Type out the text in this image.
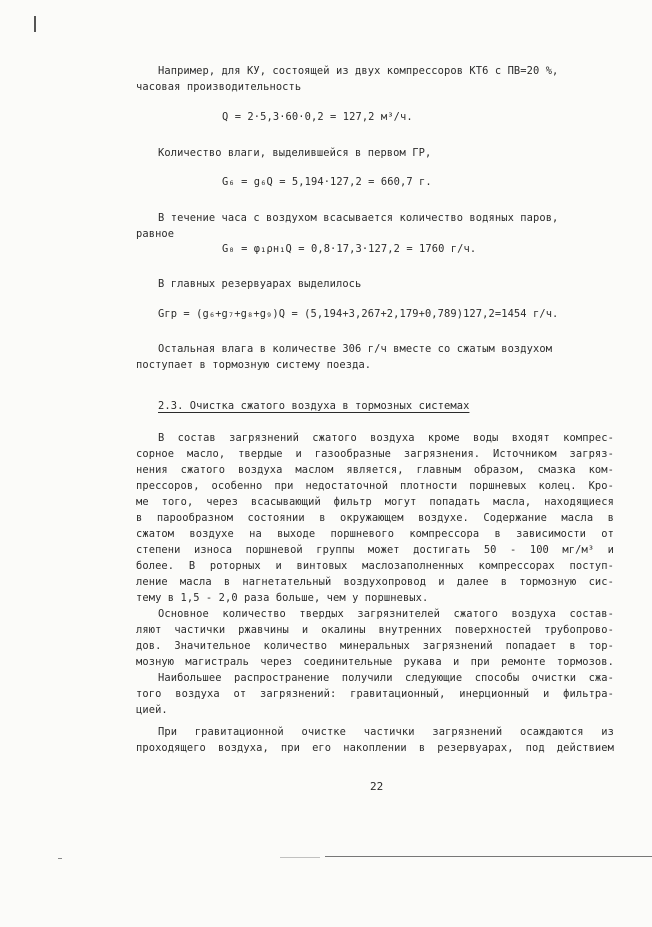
Например, для КУ, состоящей из двух компрессоров КТ6 с ПВ=20 %,
часовая производительность
Q = 2·5,3·60·0,2 = 127,2 м³/ч.
Количество влаги, выделившейся в первом ГР,
G₆ = g₆Q = 5,194·127,2 = 660,7 г.
В течение часа с воздухом всасывается количество водяных паров,
равное
G₀ = φ₁ρн₁Q = 0,8·17,3·127,2 = 1760 г/ч.
В главных резервуарах выделилось
Gгр = (g₆+g₇+g₈+g₉)Q = (5,194+3,267+2,179+0,789)127,2=1454 г/ч.
Остальная влага в количестве 306 г/ч вместе со сжатым воздухом
поступает в тормозную систему поезда.
2.3. Очистка сжатого воздуха в тормозных системах
В состав загрязнений сжатого воздуха кроме воды входят компрес-
сорное масло, твердые и газообразные загрязнения. Источником загряз-
нения сжатого воздуха маслом является, главным образом, смазка ком-
прессоров, особенно при недостаточной плотности поршневых колец. Кро-
ме того, через всасывающий фильтр могут попадать масла, находящиеся
в парообразном состоянии в окружающем воздухе. Содержание масла в
сжатом воздухе на выходе поршневого компрессора в зависимости от
степени износа поршневой группы может достигать 50 - 100 мг/м³ и
более. В роторных и винтовых маслозаполненных компрессорах поступ-
ление масла в нагнетательный воздухопровод и далее в тормозную сис-
тему в 1,5 - 2,0 раза больше, чем у поршневых.
Основное количество твердых загрязнителей сжатого воздуха состав-
ляют частички ржавчины и окалины внутренних поверхностей трубопрово-
дов. Значительное количество минеральных загрязнений попадает в тор-
мозную магистраль через соединительные рукава и при ремонте тормозов.
Наибольшее распространение получили следующие способы очистки сжа-
того воздуха от загрязнений: гравитационный, инерционный и фильтра-
цией.
При гравитационной очистке частички загрязнений осаждаются из
проходящего воздуха, при его накоплении в резервуарах, под действием
22
